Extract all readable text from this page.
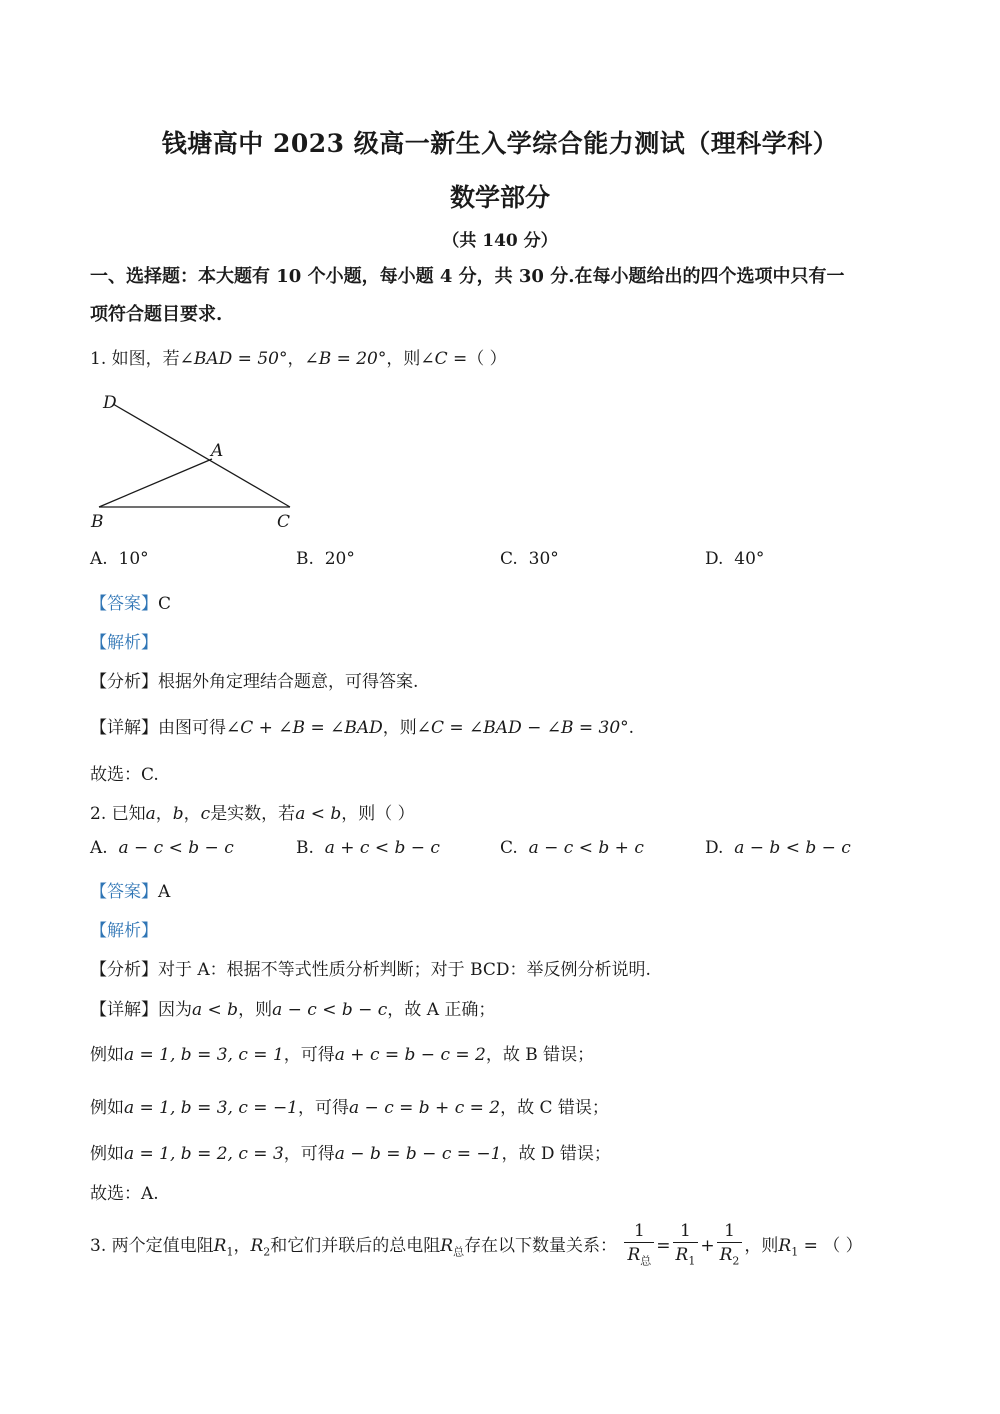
钱塘高中 2023 级高一新生入学综合能力测试（理科学科）
数学部分
（共 140 分）
一、选择题：本大题有 10 个小题，每小题 4 分，共 30 分.在每小题给出的四个选项中只有一
项符合题目要求.
1. 如图，若∠BAD = 50°，∠B = 20°，则∠C =（ ）
D
A
B	C
A. 10°	B. 20°	C. 30°	D. 40°
【答案】C
【解析】
【分析】根据外角定理结合题意，可得答案.
【详解】由图可得∠C + ∠B = ∠BAD，则∠C = ∠BAD − ∠B = 30°.
故选：C.
2. 已知a，b，c是实数，若a < b，则（ ）
A. a − c < b − c	B. a + c < b − c	C. a − c < b + c	D. a − b < b − c
【答案】A
【解析】
【分析】对于 A：根据不等式性质分析判断；对于 BCD：举反例分析说明.
【详解】因为a < b，则a − c < b − c，故 A 正确；
例如a = 1, b = 3, c = 1，可得a + c = b − c = 2，故 B 错误；
例如a = 1, b = 3, c = −1，可得a − c = b + c = 2，故 C 错误；
例如a = 1, b = 2, c = 3，可得a − b = b − c = −1，故 D 错误；
故选：A.
3. 两个定值电阻$R_1$，$R_2$和它们并联后的总电阻$R_总$存在以下数量关系： $\frac{1}{R_总} = \frac{1}{R_1} + \frac{1}{R_2}$ ，则$R_1$ = （ ）
